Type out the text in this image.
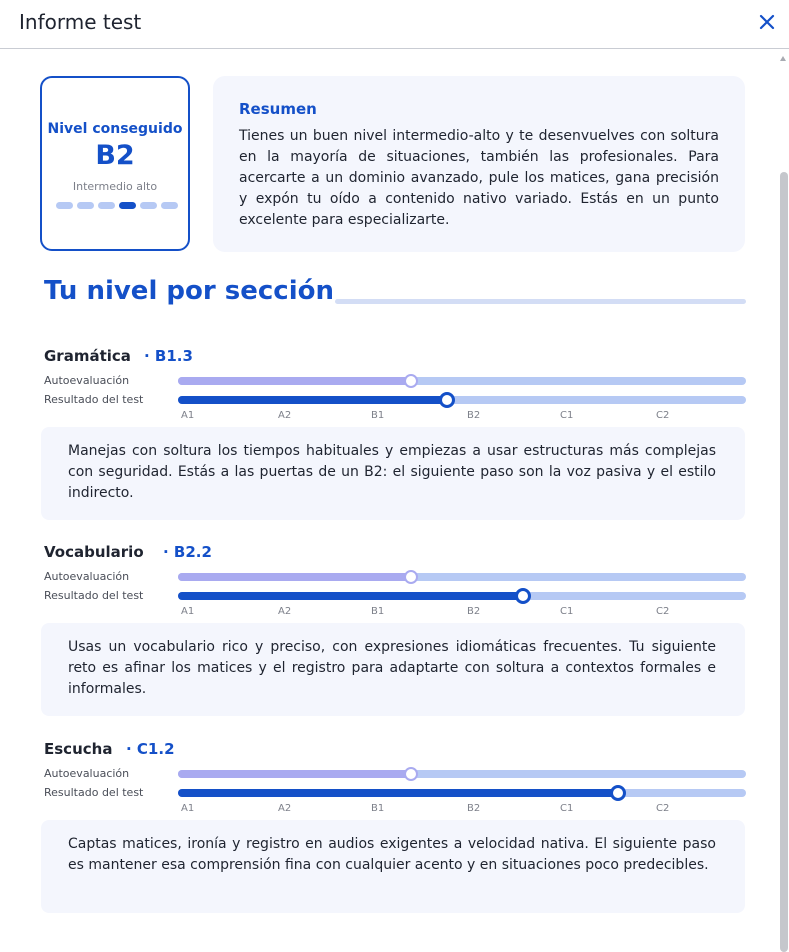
Informe test
Nivel conseguido
B2
Intermedio alto
Resumen
Tienes un buen nivel intermedio-alto y te desenvuelves con soltura en la mayoría de situaciones, también las profesionales. Para acercarte a un dominio avanzado, pule los matices, gana precisión y expón tu oído a contenido nativo variado. Estás en un punto excelente para especializarte.
Tu nivel por sección
Gramática · B1.3
Autoevaluación
Resultado del test
A1	A2	B1	B2	C1	C2
Manejas con soltura los tiempos habituales y empiezas a usar estructuras más complejas con seguridad. Estás a las puertas de un B2: el siguiente paso son la voz pasiva y el estilo indirecto.
Vocabulario · B2.2
Autoevaluación
Resultado del test
A1	A2	B1	B2	C1	C2
Usas un vocabulario rico y preciso, con expresiones idiomáticas frecuentes. Tu siguiente reto es afinar los matices y el registro para adaptarte con soltura a contextos formales e informales.
Escucha · C1.2
Autoevaluación
Resultado del test
A1	A2	B1	B2	C1	C2
Captas matices, ironía y registro en audios exigentes a velocidad nativa. El siguiente paso es mantener esa comprensión fina con cualquier acento y en situaciones poco predecibles.
